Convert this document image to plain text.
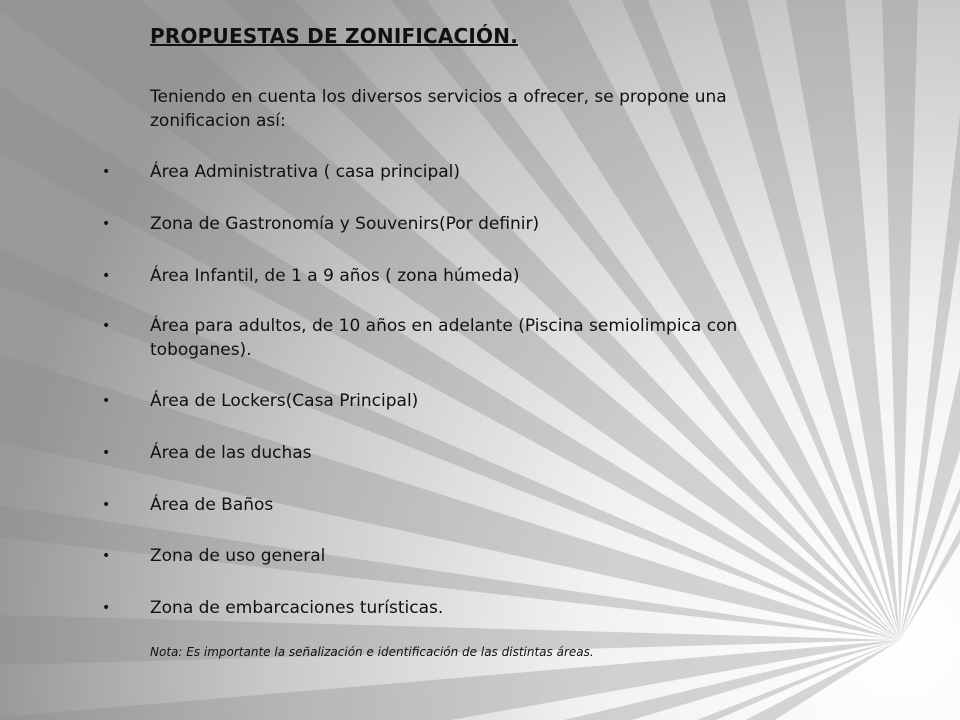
PROPUESTAS DE ZONIFICACIÓN.
Teniendo en cuenta los diversos servicios a ofrecer, se propone una zonificacion así:
• Área Administrativa ( casa principal)
• Zona de Gastronomía y Souvenirs(Por definir)
• Área Infantil, de 1 a 9 años ( zona húmeda)
• Área para adultos, de 10 años en adelante (Piscina semiolimpica con toboganes).
• Área de Lockers(Casa Principal)
• Área de las duchas
• Área de Baños
• Zona de uso general
• Zona de embarcaciones turísticas.
Nota: Es importante la señalización e identificación de las distintas áreas.
